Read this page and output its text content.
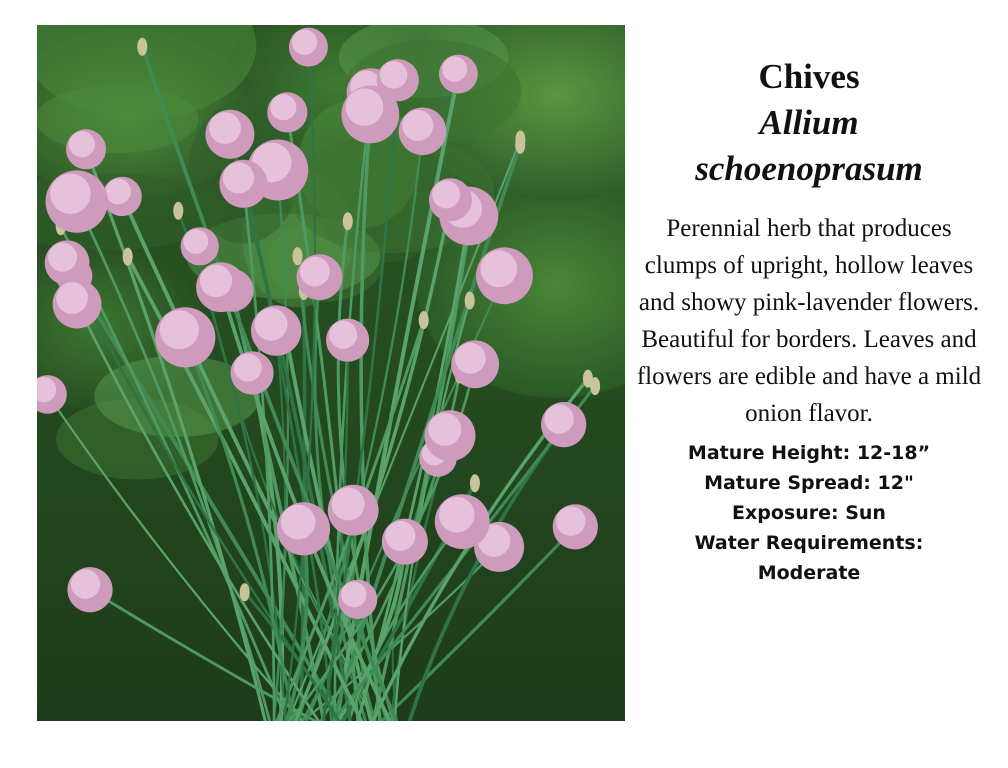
Chives

Allium

schoenoprasum

Perennial herb that produces clumps of upright, hollow leaves and showy pink-lavender flowers. Beautiful for borders. Leaves and flowers are edible and have a mild onion flavor.

Mature Height: 12-18”
Mature Spread: 12"
Exposure: Sun
Water Requirements:
Moderate
